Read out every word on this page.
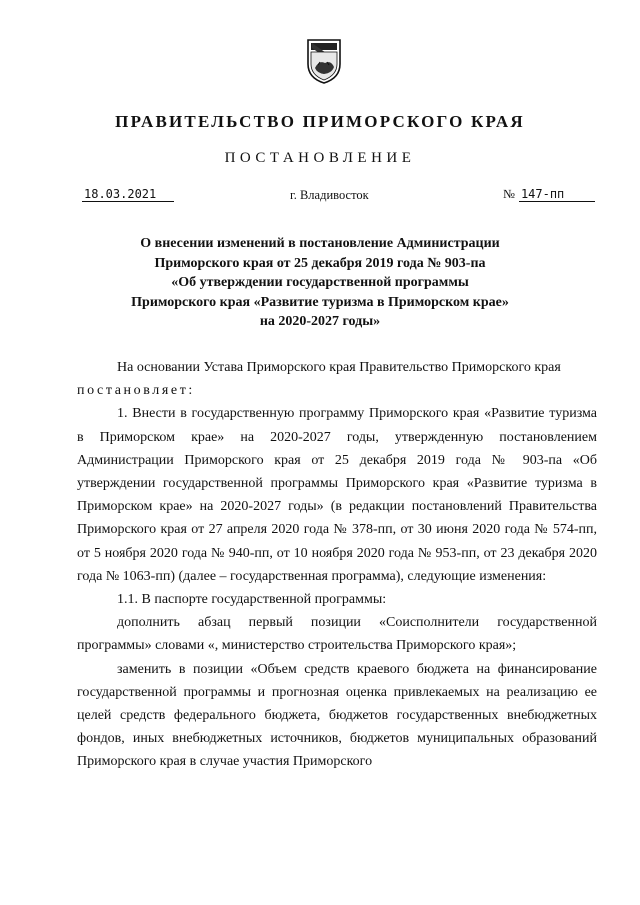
ПРАВИТЕЛЬСТВО ПРИМОРСКОГО КРАЯ
ПОСТАНОВЛЕНИЕ
18.03.2021	г. Владивосток	№ 147-пп
О внесении изменений в постановление Администрации
Приморского края от 25 декабря 2019 года № 903-па
«Об утверждении государственной программы
Приморского края «Развитие туризма в Приморском крае»
на 2020-2027 годы»
На основании Устава Приморского края Правительство Приморского края
постановляет:
1. Внести в государственную программу Приморского края «Развитие туризма в Приморском крае» на 2020-2027 годы, утвержденную постановлением Администрации Приморского края от 25 декабря 2019 года № 903-па «Об утверждении государственной программы Приморского края «Развитие туризма в Приморском крае» на 2020-2027 годы» (в редакции постановлений Правительства Приморского края от 27 апреля 2020 года № 378-пп, от 30 июня 2020 года № 574-пп, от 5 ноября 2020 года № 940-пп, от 10 ноября 2020 года № 953-пп, от 23 декабря 2020 года № 1063-пп) (далее – государственная программа), следующие изменения:
1.1. В паспорте государственной программы:
дополнить абзац первый позиции «Соисполнители государственной программы» словами «, министерство строительства Приморского края»;
заменить в позиции «Объем средств краевого бюджета на финансирование государственной программы и прогнозная оценка привлекаемых на реализацию ее целей средств федерального бюджета, бюджетов государственных внебюджетных фондов, иных внебюджетных источников, бюджетов муниципальных образований Приморского края в случае участия Приморского
